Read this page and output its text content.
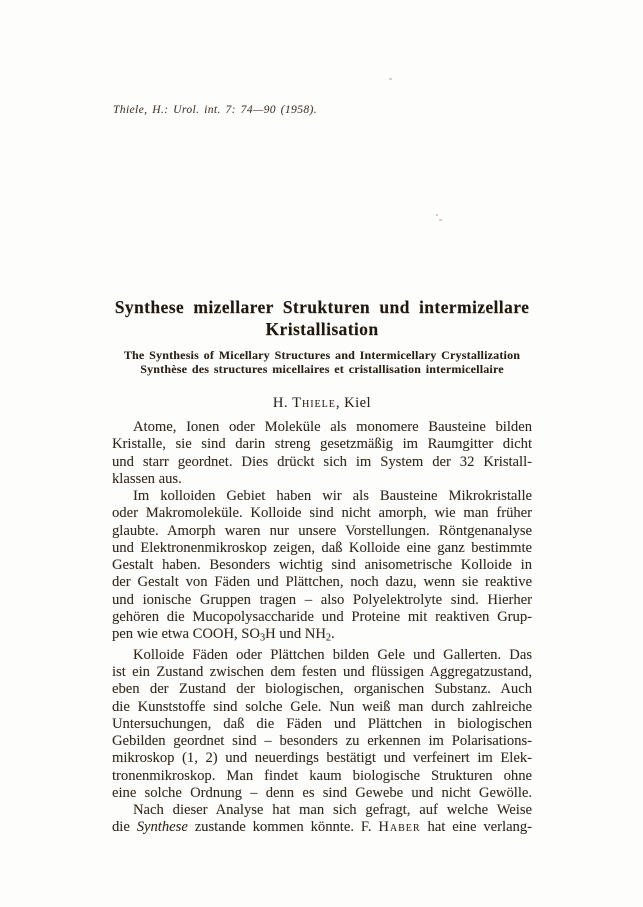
Thiele, H.: Urol. int. 7: 74—90 (1958).
Synthese mizellarer Strukturen und intermizellare
Kristallisation
The Synthesis of Micellary Structures and Intermicellary Crystallization
Synthèse des structures micellaires et cristallisation intermicellaire
H. Thiele, Kiel
Atome, Ionen oder Moleküle als monomere Bausteine bilden
Kristalle, sie sind darin streng gesetzmäßig im Raumgitter dicht
und starr geordnet. Dies drückt sich im System der 32 Kristall-
klassen aus.
Im kolloiden Gebiet haben wir als Bausteine Mikrokristalle
oder Makromoleküle. Kolloide sind nicht amorph, wie man früher
glaubte. Amorph waren nur unsere Vorstellungen. Röntgenanalyse
und Elektronenmikroskop zeigen, daß Kolloide eine ganz bestimmte
Gestalt haben. Besonders wichtig sind anisometrische Kolloide in
der Gestalt von Fäden und Plättchen, noch dazu, wenn sie reaktive
und ionische Gruppen tragen – also Polyelektrolyte sind. Hierher
gehören die Mucopolysaccharide und Proteine mit reaktiven Grup-
pen wie etwa COOH, $SO_3H$ und $NH_2$.
Kolloide Fäden oder Plättchen bilden Gele und Gallerten. Das
ist ein Zustand zwischen dem festen und flüssigen Aggregatzustand,
eben der Zustand der biologischen, organischen Substanz. Auch
die Kunststoffe sind solche Gele. Nun weiß man durch zahlreiche
Untersuchungen, daß die Fäden und Plättchen in biologischen
Gebilden geordnet sind – besonders zu erkennen im Polarisations-
mikroskop (1, 2) und neuerdings bestätigt und verfeinert im Elek-
tronenmikroskop. Man findet kaum biologische Strukturen ohne
eine solche Ordnung – denn es sind Gewebe und nicht Gewölle.
Nach dieser Analyse hat man sich gefragt, auf welche Weise
die Synthese zustande kommen könnte. F. Haber hat eine verlang-
